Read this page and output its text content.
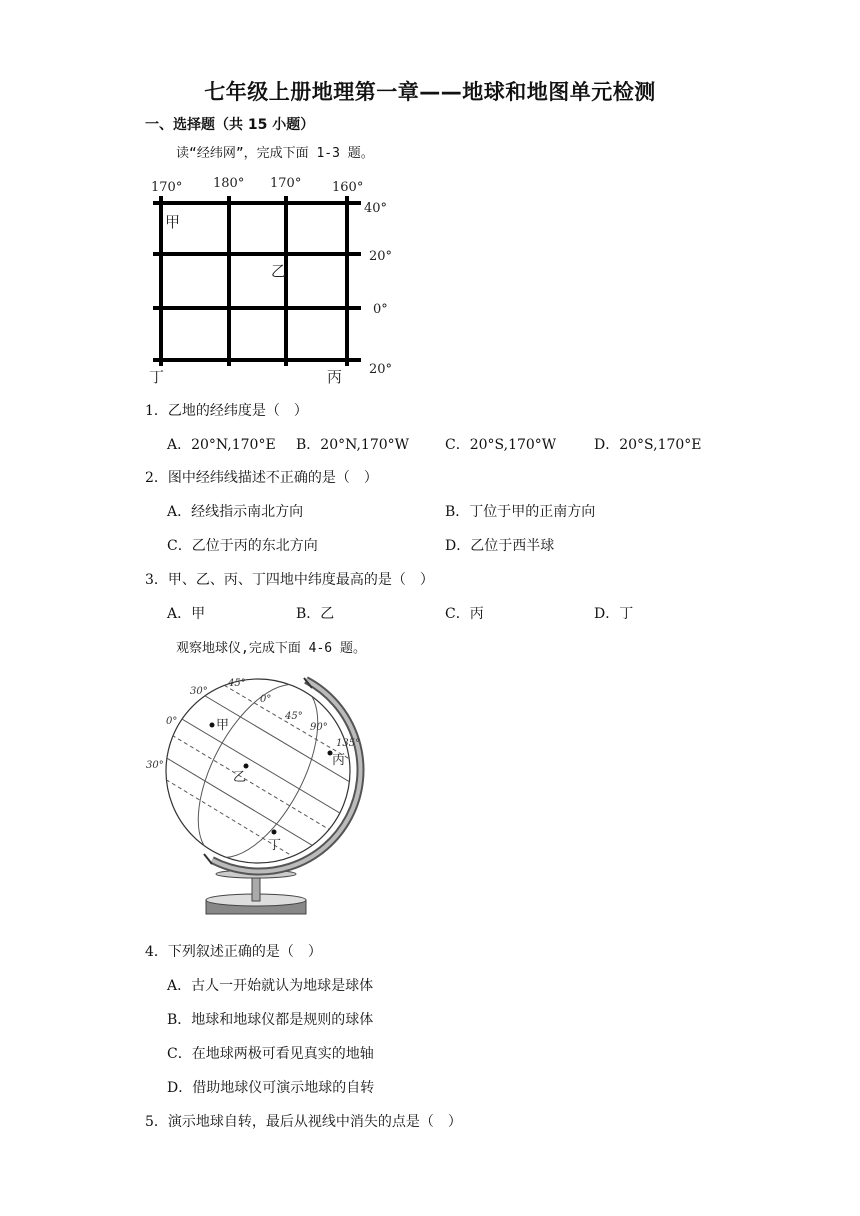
七年级上册地理第一章——地球和地图单元检测
一、选择题（共 15 小题）
读“经纬网”，完成下面 1-3 题。
170° 180° 170° 160°
40°
20°
0°
20°
甲
乙
丁	丙
1．乙地的经纬度是（　）
A．20°N,170°E B．20°N,170°W	C．20°S,170°W	D．20°S,170°E
2．图中经纬线描述不正确的是（　）
A．经线指示南北方向	B．丁位于甲的正南方向
C．乙位于丙的东北方向	D．乙位于西半球
3．甲、乙、丙、丁四地中纬度最高的是（　）
A．甲	B．乙	C．丙	D．丁
观察地球仪,完成下面 4-6 题。
30°
45°
0°
45°
90°
135°
0°
30°
甲
乙
丙
丁
4．下列叙述正确的是（　）
A．古人一开始就认为地球是球体
B．地球和地球仪都是规则的球体
C．在地球两极可看见真实的地轴
D．借助地球仪可演示地球的自转
5．演示地球自转，最后从视线中消失的点是（　）
